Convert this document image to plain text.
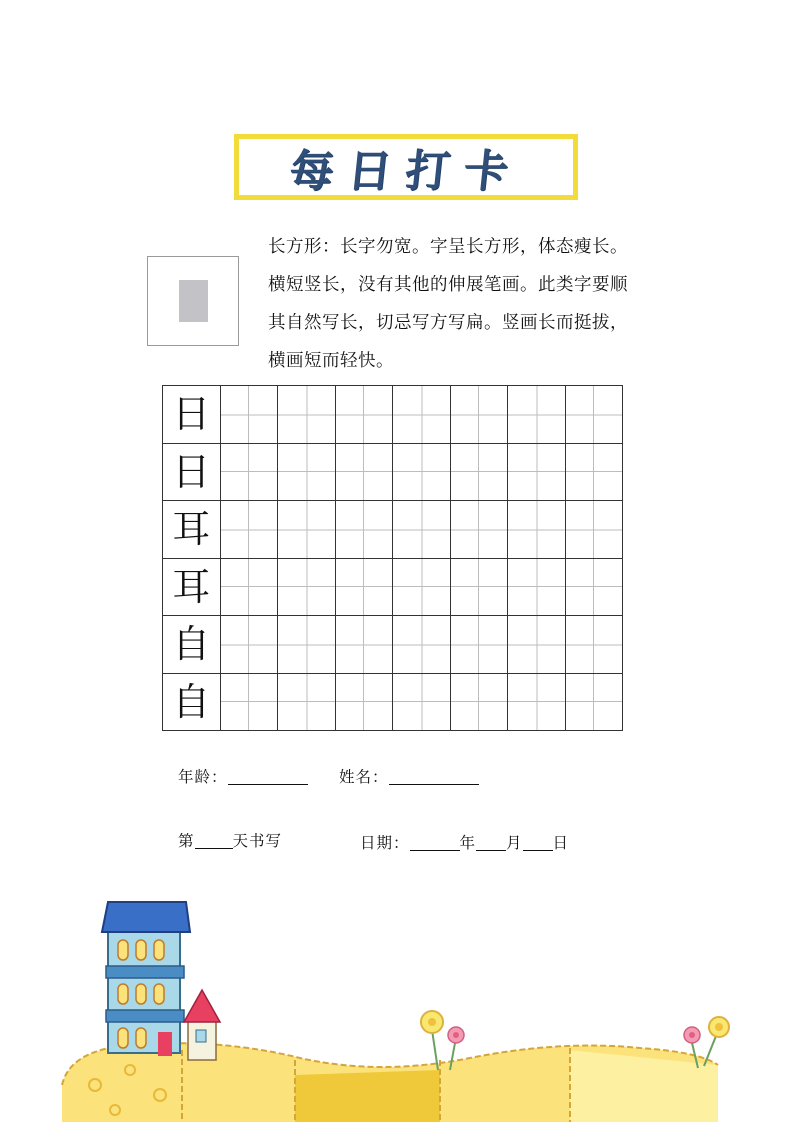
每日打卡
长方形：长字勿宽。字呈长方形，体态瘦长。横短竖长，没有其他的伸展笔画。此类字要顺其自然写长，切忌写方写扁。竖画长而挺拔，横画短而轻快。
日							
日							
耳							
耳							
自							
自							
年龄：	姓名：
第 天书写	日期：	年 月 日
